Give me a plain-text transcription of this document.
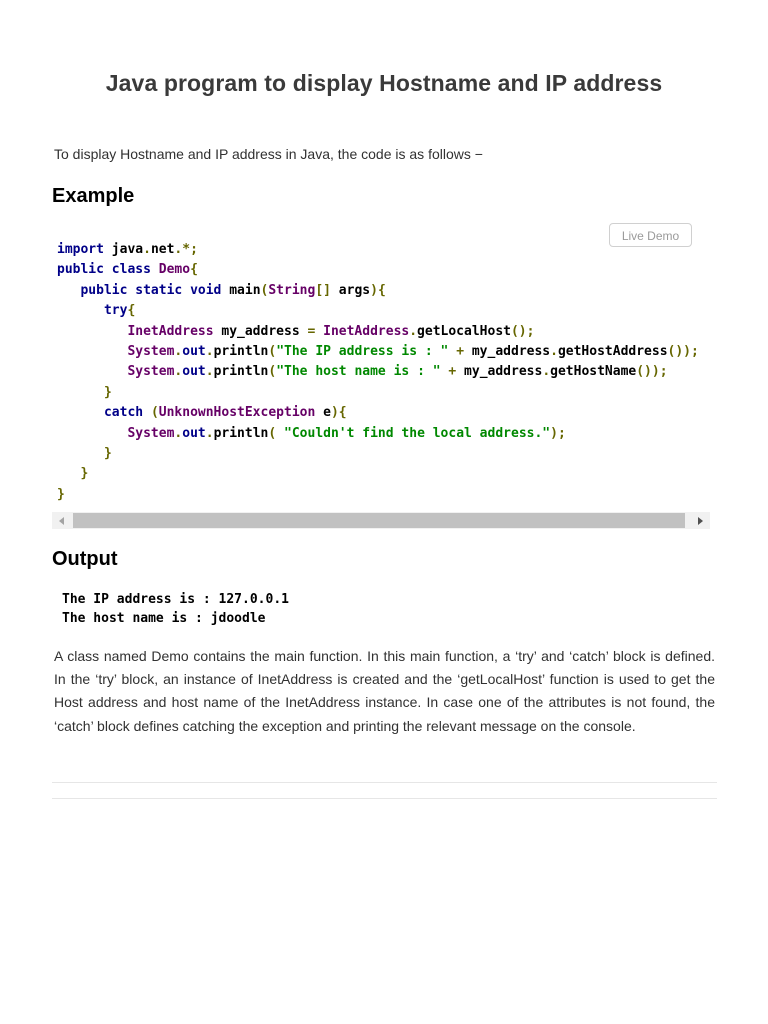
Java program to display Hostname and IP address

To display Hostname and IP address in Java, the code is as follows −

Example
import java.net.*;
public class Demo{
public static void main(String[] args){
try{
InetAddress my_address = InetAddress.getLocalHost();
System.out.println("The IP address is : " + my_address.getHostAddress());
System.out.println("The host name is : " + my_address.getHostName());
}
catch (UnknownHostException e){
System.out.println( "Couldn't find the local address.");
}
}
}
Live Demo
Output
The IP address is : 127.0.0.1
The host name is : jdoodle

A class named Demo contains the main function. In this main function, a ‘try’ and ‘catch’ block is defined. In the ‘try’ block, an instance of InetAddress is created and the ‘getLocalHost’ function is used to get the Host address and host name of the InetAddress instance. In case one of the attributes is not found, the ‘catch’ block defines catching the exception and printing the relevant message on the console.
